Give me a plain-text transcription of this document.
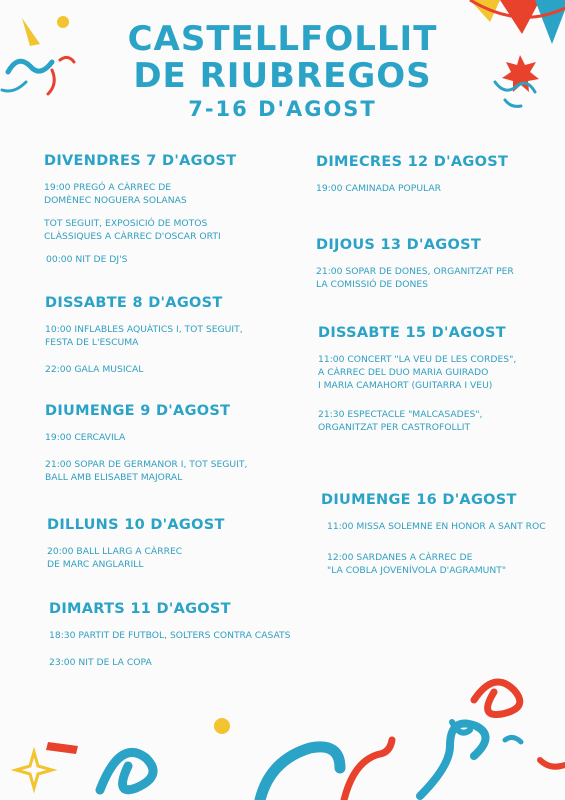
CASTELLFOLLIT
DE RIUBREGOS
7-16 D'AGOST
DIVENDRES 7 D'AGOST
19:00 PREGÓ A CÀRREC DE
DOMÈNEC NOGUERA SOLANAS
TOT SEGUIT, EXPOSICIÓ DE MOTOS
CLÀSSIQUES A CÀRREC D'OSCAR ORTI
00:00 NIT DE DJ'S
DISSABTE 8 D'AGOST
10:00 INFLABLES AQUÀTICS I, TOT SEGUIT,
FESTA DE L'ESCUMA
22:00 GALA MUSICAL
DIUMENGE 9 D'AGOST
19:00 CERCAVILA
21:00 SOPAR DE GERMANOR I, TOT SEGUIT,
BALL AMB ELISABET MAJORAL
DILLUNS 10 D'AGOST
20:00 BALL LLARG A CÀRREC
DE MARC ANGLARILL
DIMARTS 11 D'AGOST
18:30 PARTIT DE FUTBOL, SOLTERS CONTRA CASATS
23:00 NIT DE LA COPA
DIMECRES 12 D'AGOST
19:00 CAMINADA POPULAR
DIJOUS 13 D'AGOST
21:00 SOPAR DE DONES, ORGANITZAT PER
LA COMISSIÓ DE DONES
DISSABTE 15 D'AGOST
11:00 CONCERT "LA VEU DE LES CORDES",
A CÀRREC DEL DUO MARIA GUIRADO
I MARIA CAMAHORT (GUITARRA I VEU)
21:30 ESPECTACLE "MALCASADES",
ORGANITZAT PER CASTROFOLLIT
DIUMENGE 16 D'AGOST
11:00 MISSA SOLEMNE EN HONOR A SANT ROC
12:00 SARDANES A CÀRREC DE
"LA COBLA JOVENÍVOLA D'AGRAMUNT"
